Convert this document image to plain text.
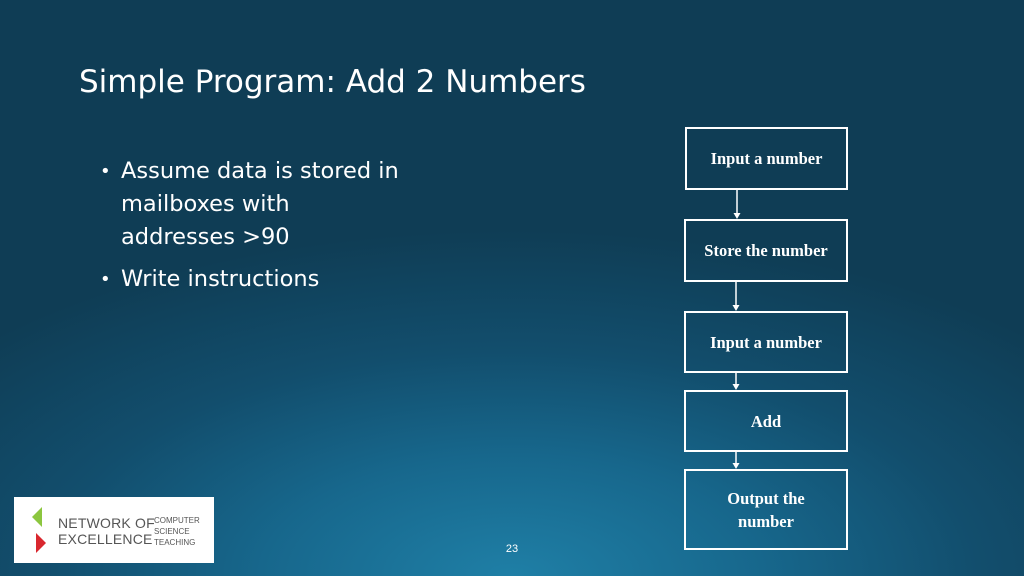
Simple Program: Add 2 Numbers
• Assume data is stored in mailboxes with addresses >90
• Write instructions
Input a number
Store the number
Input a number
Add
Output the number
NETWORK OF
EXCELLENCE
COMPUTER
SCIENCE
TEACHING
23
